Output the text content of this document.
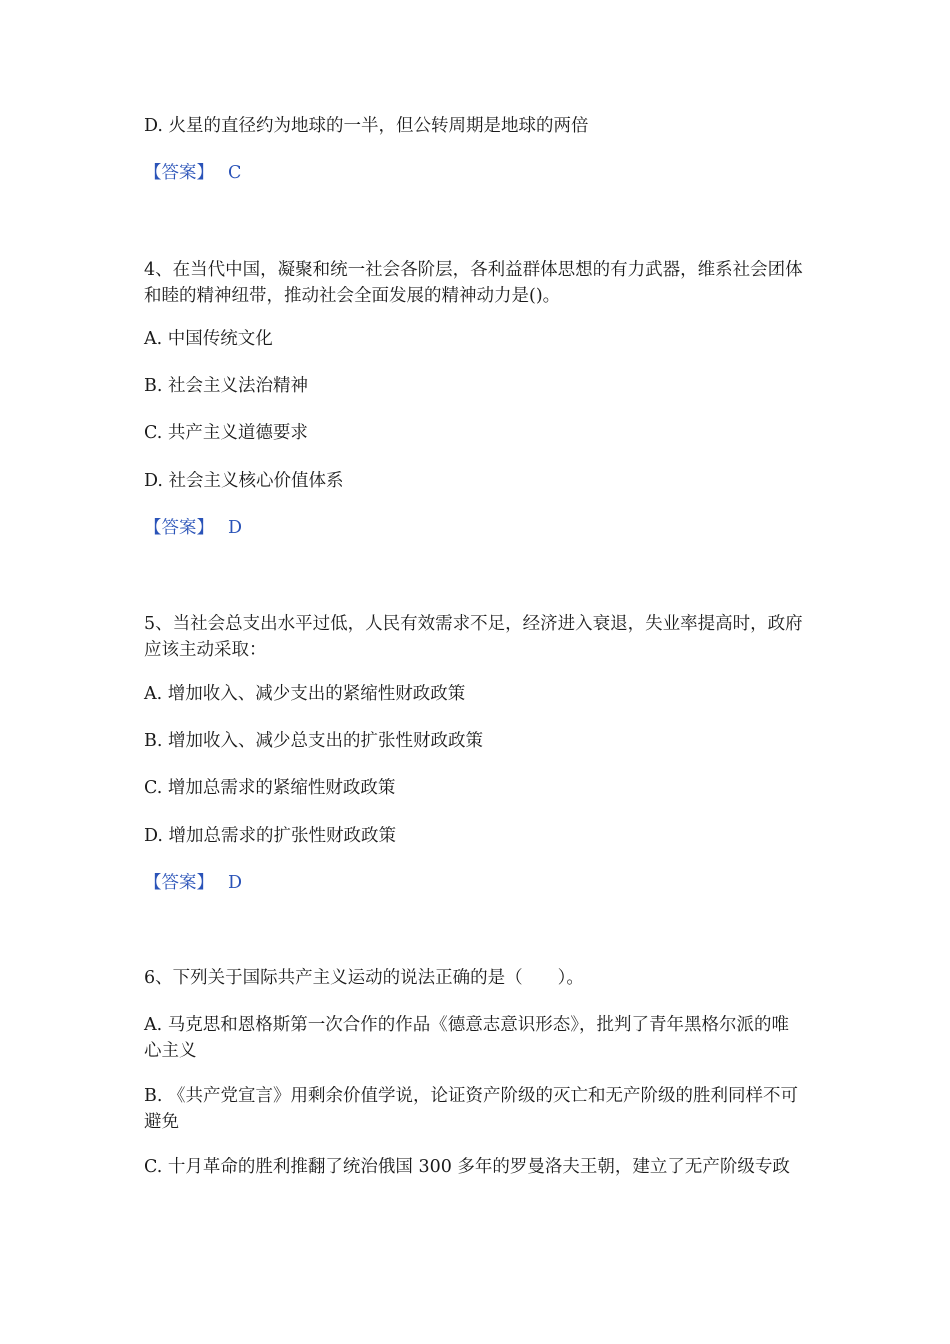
D. 火星的直径约为地球的一半，但公转周期是地球的两倍
【答案】 C
4、在当代中国，凝聚和统一社会各阶层，各利益群体思想的有力武器，维系社会团体和睦的精神纽带，推动社会全面发展的精神动力是()。
A. 中国传统文化
B. 社会主义法治精神
C. 共产主义道德要求
D. 社会主义核心价值体系
【答案】 D
5、当社会总支出水平过低，人民有效需求不足，经济进入衰退，失业率提高时，政府应该主动采取：
A. 增加收入、减少支出的紧缩性财政政策
B. 增加收入、减少总支出的扩张性财政政策
C. 增加总需求的紧缩性财政政策
D. 增加总需求的扩张性财政政策
【答案】 D
6、下列关于国际共产主义运动的说法正确的是（　　）。
A. 马克思和恩格斯第一次合作的作品《德意志意识形态》，批判了青年黑格尔派的唯心主义
B. 《共产党宣言》用剩余价值学说，论证资产阶级的灭亡和无产阶级的胜利同样不可避免
C. 十月革命的胜利推翻了统治俄国 300 多年的罗曼洛夫王朝，建立了无产阶级专政
